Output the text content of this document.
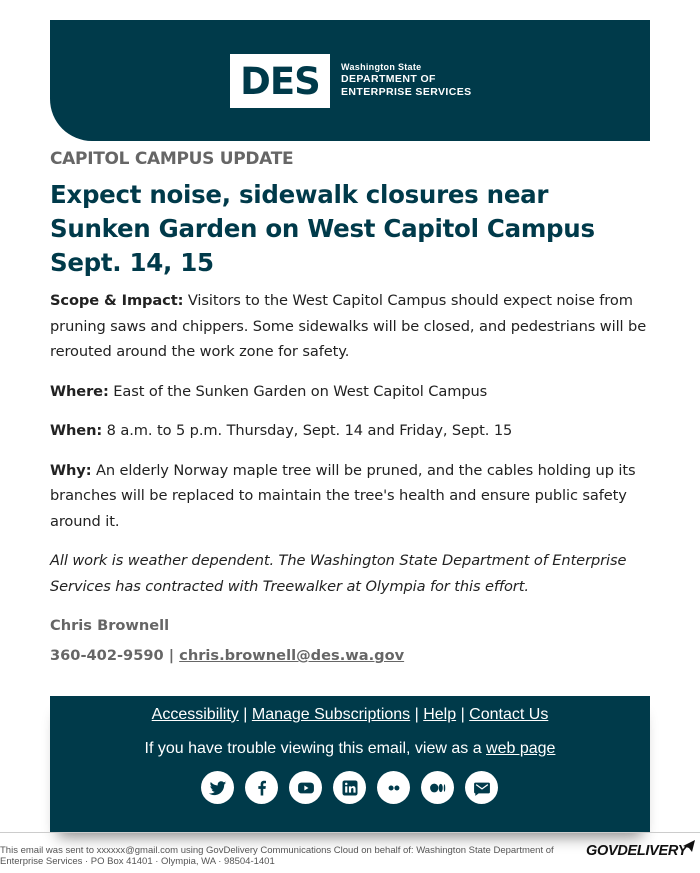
DES Washington State
DEPARTMENT OF
ENTERPRISE SERVICES
CAPITOL CAMPUS UPDATE
Expect noise, sidewalk closures near Sunken Garden on West Capitol Campus Sept. 14, 15

Scope & Impact: Visitors to the West Capitol Campus should expect noise from pruning saws and chippers. Some sidewalks will be closed, and pedestrians will be rerouted around the work zone for safety.

Where: East of the Sunken Garden on West Capitol Campus

When: 8 a.m. to 5 p.m. Thursday, Sept. 14 and Friday, Sept. 15

Why: An elderly Norway maple tree will be pruned, and the cables holding up its branches will be replaced to maintain the tree's health and ensure public safety around it.

All work is weather dependent. The Washington State Department of Enterprise Services has contracted with Treewalker at Olympia for this effort.

Chris Brownell
360-402-9590 | chris.brownell@des.wa.gov
Accessibility | Manage Subscriptions | Help | Contact Us
If you have trouble viewing this email, view as a web page
This email was sent to xxxxxx@gmail.com using GovDelivery Communications Cloud on behalf of: Washington State Department of Enterprise Services · PO Box 41401 · Olympia, WA · 98504-1401
GOVDELIVERY
